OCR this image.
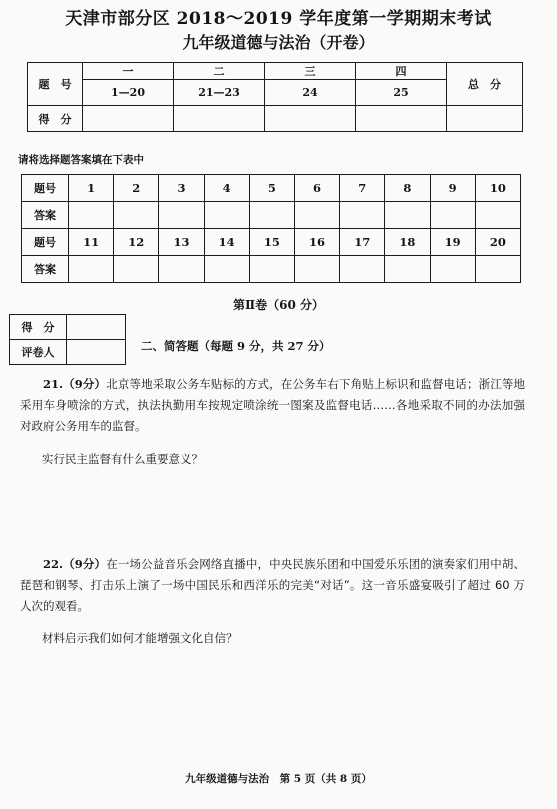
天津市部分区 2018～2019 学年度第一学期期末考试
九年级道德与法治（开卷）
题　号	一	二	三	四	总　分
	1—20	21—23	24	25	
得　分					
请将选择题答案填在下表中
题号	1	2	3	4	5	6	7	8	9	10
答案										
题号	11	12	13	14	15	16	17	18	19	20
答案										
第Ⅱ卷（60 分）
得　分	
评卷人		二、简答题（每题 9 分，共 27 分）
21.（9分）北京等地采取公务车贴标的方式，在公务车右下角贴上标识和监督电话；浙江等地采用车身喷涂的方式，执法执勤用车按规定喷涂统一图案及监督电话……各地采取不同的办法加强对政府公务用车的监督。
实行民主监督有什么重要意义？
22.（9分）在一场公益音乐会网络直播中，中央民族乐团和中国爱乐乐团的演奏家们用中胡、琵琶和钢琴、打击乐上演了一场中国民乐和西洋乐的完美“对话”。这一音乐盛宴吸引了超过 60 万人次的观看。
材料启示我们如何才能增强文化自信？
九年级道德与法治　第 5 页（共 8 页）
